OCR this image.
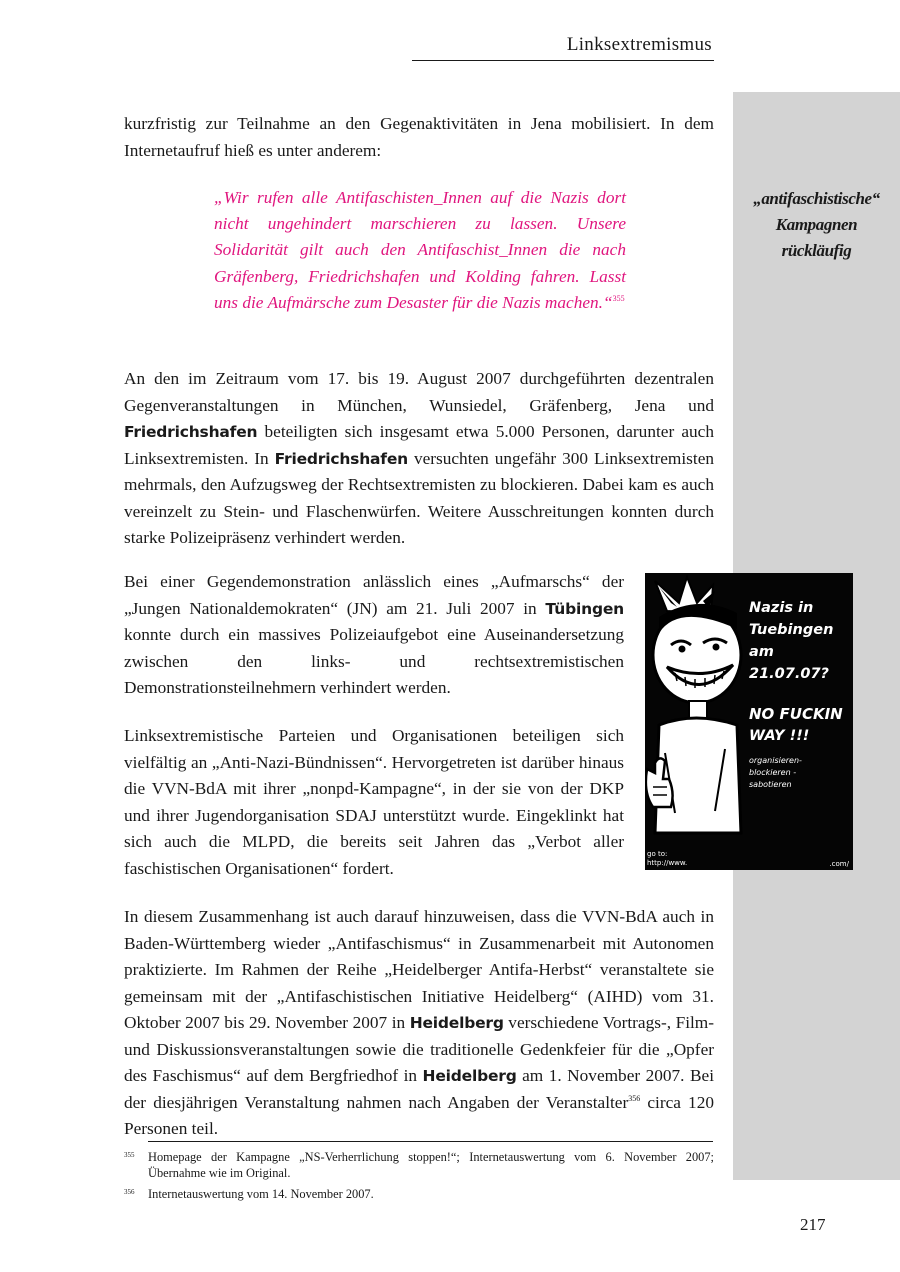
Linksextremismus

kurzfristig zur Teilnahme an den Gegenaktivitäten in Jena mobilisiert. In dem Internetaufruf hieß es unter anderem:

„Wir rufen alle Antifaschisten_Innen auf die Nazis dort nicht ungehindert marschieren zu lassen. Unsere Solidarität gilt auch den Antifaschist_Innen die nach Gräfenberg, Friedrichshafen und Kolding fahren. Lasst uns die Aufmärsche zum Desaster für die Nazis machen.“$^{355}$

„antifaschistische“
Kampagnen
rückläufig

An den im Zeitraum vom 17. bis 19. August 2007 durchgeführten dezentralen Gegenveranstaltungen in München, Wunsiedel, Gräfenberg, Jena und Friedrichshafen beteiligten sich insgesamt etwa 5.000 Personen, darunter auch Linksextremisten. In Friedrichshafen versuchten ungefähr 300 Linksextremisten mehrmals, den Aufzugsweg der Rechtsextremisten zu blockieren. Dabei kam es auch vereinzelt zu Stein- und Flaschenwürfen. Weitere Ausschreitungen konnten durch starke Polizeipräsenz verhindert werden.

Bei einer Gegendemonstration anlässlich eines „Aufmarschs“ der „Jungen Nationaldemokraten“ (JN) am 21. Juli 2007 in Tübingen konnte durch ein massives Polizeiaufgebot eine Auseinandersetzung zwischen den links- und rechtsextremistischen Demonstrationsteilnehmern verhindert werden.

Linksextremistische Parteien und Organisationen beteiligen sich vielfältig an „Anti-Nazi-Bündnissen“. Hervorgetreten ist darüber hinaus die VVN-BdA mit ihrer „nonpd-Kampagne“, in der sie von der DKP und ihrer Jugendorganisation SDAJ unterstützt wurde. Eingeklinkt hat sich auch die MLPD, die bereits seit Jahren das „Verbot aller faschistischen Organisationen“ fordert.

Nazis in
Tuebingen
am 21.07.07?
NO FUCKIN
WAY !!!
organisieren-
blockieren -
sabotieren
go to:
http://www.	.com/

In diesem Zusammenhang ist auch darauf hinzuweisen, dass die VVN-BdA auch in Baden-Württemberg wieder „Antifaschismus“ in Zusammenarbeit mit Autonomen praktizierte. Im Rahmen der Reihe „Heidelberger Antifa-Herbst“ veranstaltete sie gemeinsam mit der „Antifaschistischen Initiative Heidelberg“ (AIHD) vom 31. Oktober 2007 bis 29. November 2007 in Heidelberg verschiedene Vortrags-, Film- und Diskussionsveranstaltungen sowie die traditionelle Gedenkfeier für die „Opfer des Faschismus“ auf dem Bergfriedhof in Heidelberg am 1. November 2007. Bei der diesjährigen Veranstaltung nahmen nach Angaben der Veranstalter$^{356}$ circa 120 Personen teil.

355 Homepage der Kampagne „NS-Verherrlichung stoppen!“; Internetauswertung vom 6. November 2007; Übernahme wie im Original.
356 Internetauswertung vom 14. November 2007.
217
